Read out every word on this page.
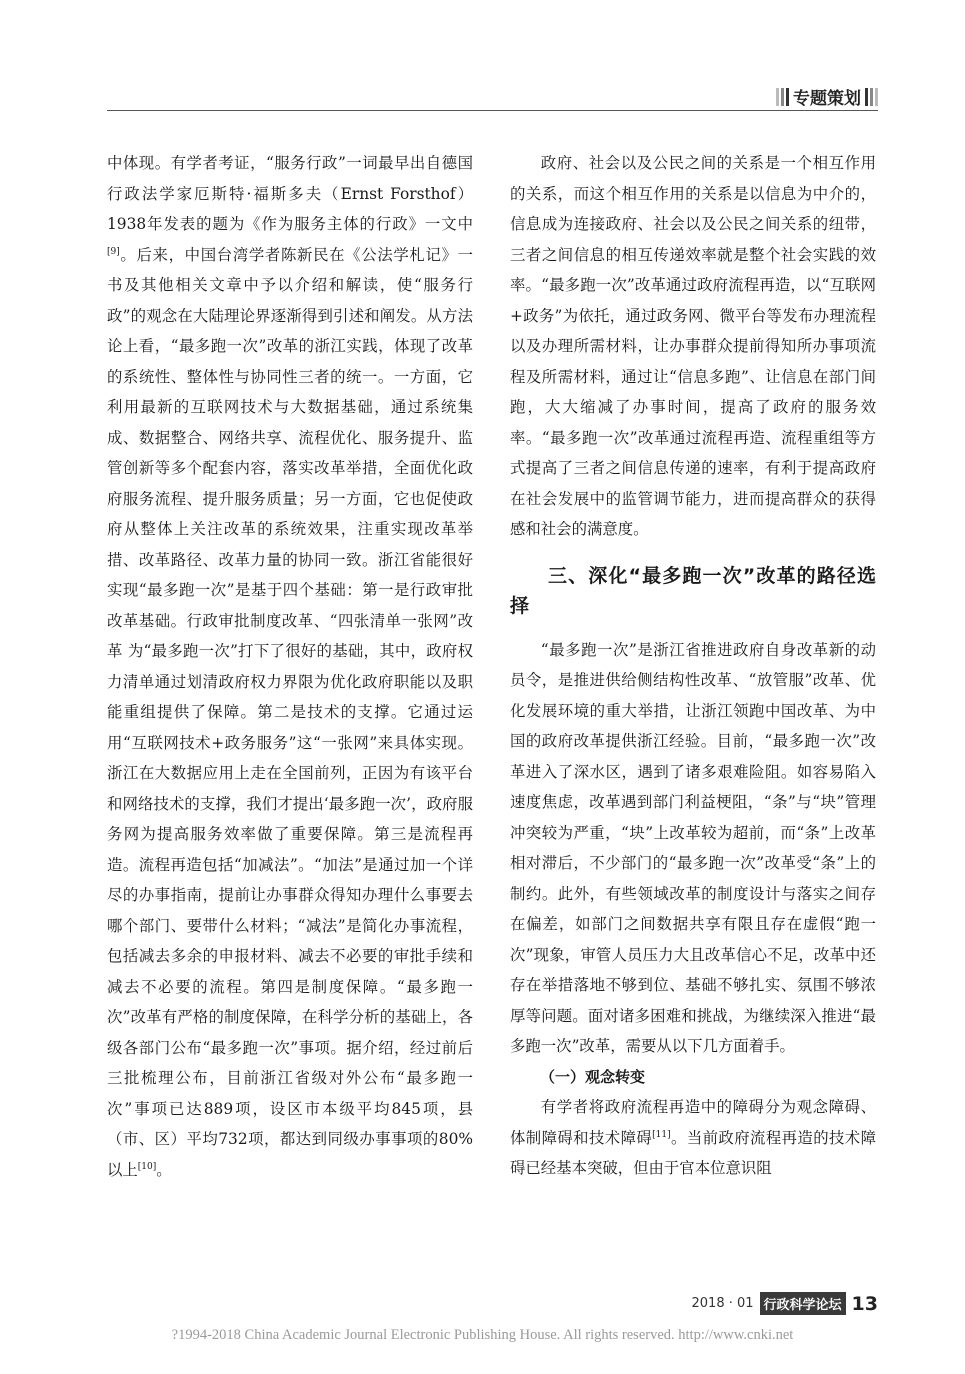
专题策划

中体现。有学者考证，“服务行政”一词最早出自德国行政法学家厄斯特·福斯多夫（Ernst Forsthof）1938年发表的题为《作为服务主体的行政》一文中[9]。后来，中国台湾学者陈新民在《公法学札记》一书及其他相关文章中予以介绍和解读，使“服务行政”的观念在大陆理论界逐渐得到引述和阐发。从方法论上看，“最多跑一次”改革的浙江实践，体现了改革的系统性、整体性与协同性三者的统一。一方面，它利用最新的互联网技术与大数据基础，通过系统集成、数据整合、网络共享、流程优化、服务提升、监管创新等多个配套内容，落实改革举措，全面优化政府服务流程、提升服务质量；另一方面，它也促使政府从整体上关注改革的系统效果，注重实现改革举措、改革路径、改革力量的协同一致。浙江省能很好实现“最多跑一次”是基于四个基础：第一是行政审批改革基础。行政审批制度改革、“四张清单一张网”改革 为“最多跑一次”打下了很好的基础，其中，政府权力清单通过划清政府权力界限为优化政府职能以及职能重组提供了保障。第二是技术的支撑。它通过运用“互联网技术+政务服务”这“一张网”来具体实现。浙江在大数据应用上走在全国前列，正因为有该平台和网络技术的支撑，我们才提出‘最多跑一次’，政府服务网为提高服务效率做了重要保障。第三是流程再造。流程再造包括“加减法”。“加法”是通过加一个详尽的办事指南，提前让办事群众得知办理什么事要去哪个部门、要带什么材料；“减法”是简化办事流程，包括减去多余的申报材料、减去不必要的审批手续和减去不必要的流程。第四是制度保障。“最多跑一次”改革有严格的制度保障，在科学分析的基础上，各级各部门公布“最多跑一次”事项。据介绍，经过前后三批梳理公布，目前浙江省级对外公布“最多跑一次”事项已达889项，设区市本级平均845项，县（市、区）平均732项，都达到同级办事事项的80%以上[10]。

政府、社会以及公民之间的关系是一个相互作用的关系，而这个相互作用的关系是以信息为中介的，信息成为连接政府、社会以及公民之间关系的纽带，三者之间信息的相互传递效率就是整个社会实践的效率。“最多跑一次”改革通过政府流程再造，以“互联网+政务”为依托，通过政务网、微平台等发布办理流程以及办理所需材料，让办事群众提前得知所办事项流程及所需材料，通过让“信息多跑”、让信息在部门间跑，大大缩减了办事时间，提高了政府的服务效率。“最多跑一次”改革通过流程再造、流程重组等方式提高了三者之间信息传递的速率，有利于提高政府在社会发展中的监管调节能力，进而提高群众的获得感和社会的满意度。

三、深化“最多跑一次”改革的路径选择

“最多跑一次”是浙江省推进政府自身改革新的动员令，是推进供给侧结构性改革、“放管服”改革、优化发展环境的重大举措，让浙江领跑中国改革、为中国的政府改革提供浙江经验。目前，“最多跑一次”改革进入了深水区，遇到了诸多艰难险阻。如容易陷入速度焦虑，改革遇到部门利益梗阻，“条”与“块”管理冲突较为严重，“块”上改革较为超前，而“条”上改革相对滞后，不少部门的“最多跑一次”改革受“条”上的制约。此外，有些领域改革的制度设计与落实之间存在偏差，如部门之间数据共享有限且存在虚假“跑一次”现象，审管人员压力大且改革信心不足，改革中还存在举措落地不够到位、基础不够扎实、氛围不够浓厚等问题。面对诸多困难和挑战，为继续深入推进“最多跑一次”改革，需要从以下几方面着手。

（一）观念转变

有学者将政府流程再造中的障碍分为观念障碍、体制障碍和技术障碍[11]。当前政府流程再造的技术障碍已经基本突破，但由于官本位意识阻

2018 · 01 行政科学论坛 13
?1994-2018 China Academic Journal Electronic Publishing House. All rights reserved. http://www.cnki.net
